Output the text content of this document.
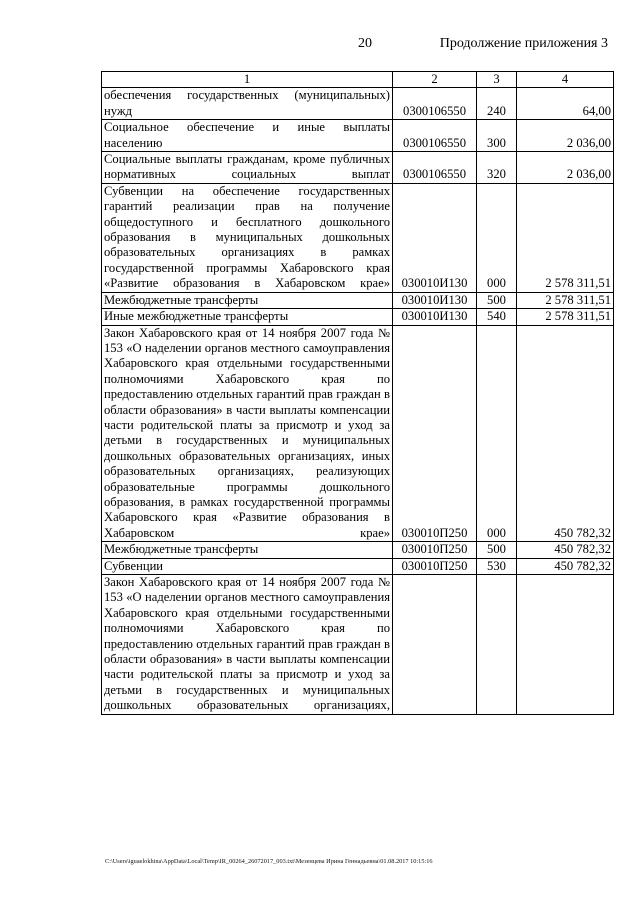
20	Продолжение приложения 3
1	2	3	4
обеспечения государственных (муниципальных) нужд	0300106550	240	64,00
Социальное обеспечение и иные выплаты населению	0300106550	300	2 036,00
Социальные выплаты гражданам, кроме публичных нормативных социальных выплат	0300106550	320	2 036,00
Субвенции на обеспечение государственных гарантий реализации прав на получение общедоступного и бесплатного дошкольного образования в муниципальных дошкольных образовательных организациях в рамках государственной программы Хабаровского края «Развитие образования в Хабаровском крае»	030010И130	000	2 578 311,51
Межбюджетные трансферты	030010И130	500	2 578 311,51
Иные межбюджетные трансферты	030010И130	540	2 578 311,51
Закон Хабаровского края от 14 ноября 2007 года № 153 «О наделении органов местного самоуправления Хабаровского края отдельными государственными полномочиями Хабаровского края по предоставлению отдельных гарантий прав граждан в области образования» в части выплаты компенсации части родительской платы за присмотр и уход за детьми в государственных и муниципальных дошкольных образовательных организациях, иных образовательных организациях, реализующих образовательные программы дошкольного образования, в рамках государственной программы Хабаровского края «Развитие образования в Хабаровском крае»	030010П250	000	450 782,32
Межбюджетные трансферты	030010П250	500	450 782,32
Субвенции	030010П250	530	450 782,32
Закон Хабаровского края от 14 ноября 2007 года № 153 «О наделении органов местного самоуправления Хабаровского края отдельными государственными полномочиями Хабаровского края по предоставлению отдельных гарантий прав граждан в области образования» в части выплаты компенсации части родительской платы за присмотр и уход за детьми в государственных и муниципальных дошкольных образовательных организациях,			
C:\Users\iguaelokhina\AppData\Local\Temp\IR_00264_26072017_003.txt\Мезенцева Ирина Геннадьевна\01.08.2017 10:15:16
